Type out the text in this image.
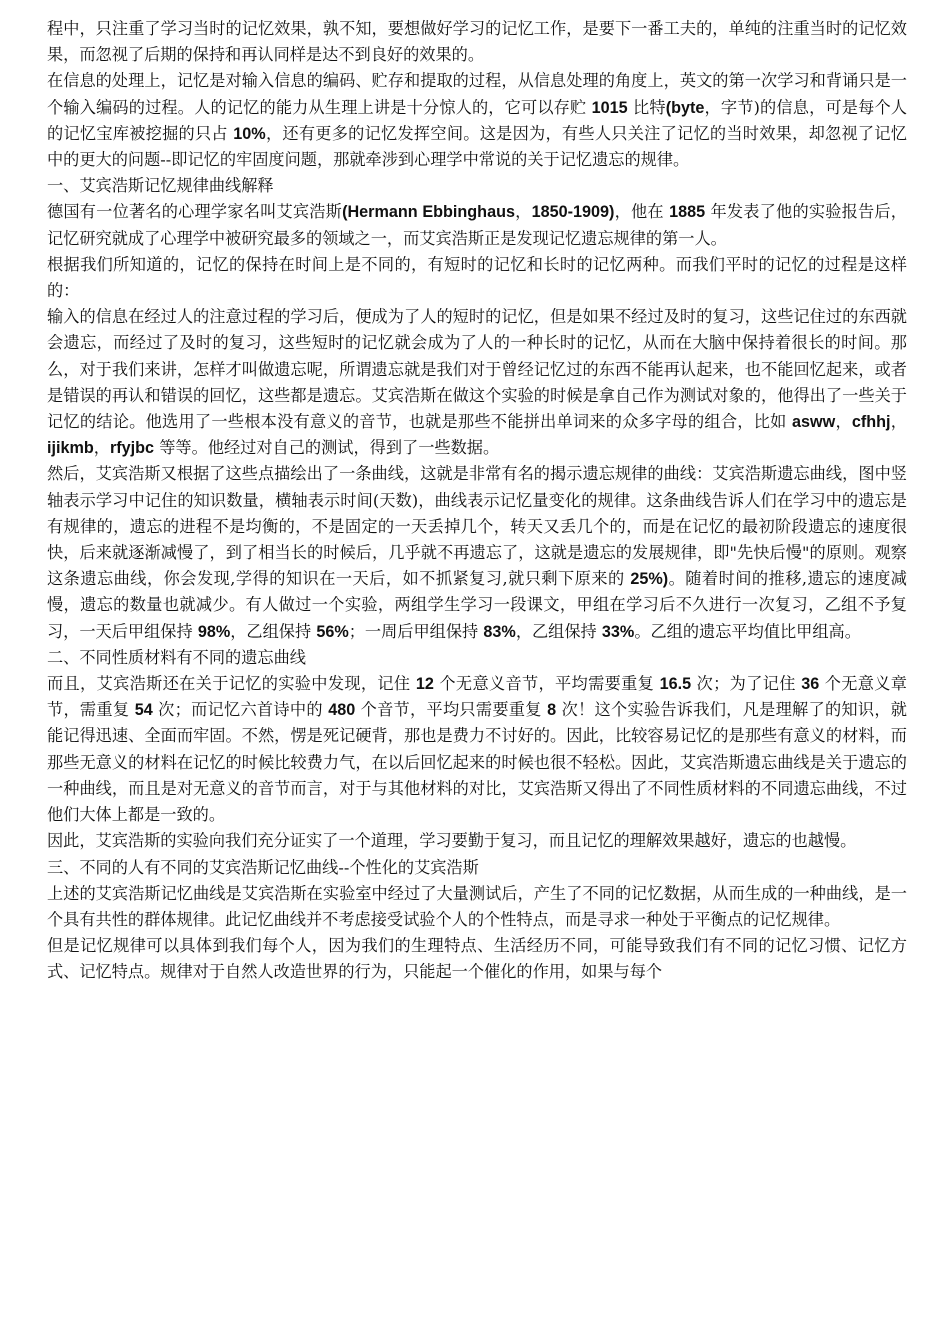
程中，只注重了学习当时的记忆效果，孰不知，要想做好学习的记忆工作，是要下一番工夫的，单纯的注重当时的记忆效果，而忽视了后期的保持和再认同样是达不到良好的效果的。

在信息的处理上，记忆是对输入信息的编码、贮存和提取的过程，从信息处理的角度上，英文的第一次学习和背诵只是一个输入编码的过程。人的记忆的能力从生理上讲是十分惊人的，它可以存贮 1015 比特(byte，字节)的信息，可是每个人的记忆宝库被挖掘的只占 10%，还有更多的记忆发挥空间。这是因为，有些人只关注了记忆的当时效果，却忽视了记忆中的更大的问题--即记忆的牢固度问题，那就牵涉到心理学中常说的关于记忆遗忘的规律。

一、艾宾浩斯记忆规律曲线解释

德国有一位著名的心理学家名叫艾宾浩斯(Hermann Ebbinghaus，1850-1909)，他在 1885 年发表了他的实验报告后，记忆研究就成了心理学中被研究最多的领域之一，而艾宾浩斯正是发现记忆遗忘规律的第一人。

根据我们所知道的，记忆的保持在时间上是不同的，有短时的记忆和长时的记忆两种。而我们平时的记忆的过程是这样的：

输入的信息在经过人的注意过程的学习后，便成为了人的短时的记忆，但是如果不经过及时的复习，这些记住过的东西就会遗忘，而经过了及时的复习，这些短时的记忆就会成为了人的一种长时的记忆，从而在大脑中保持着很长的时间。那么，对于我们来讲，怎样才叫做遗忘呢，所谓遗忘就是我们对于曾经记忆过的东西不能再认起来，也不能回忆起来，或者是错误的再认和错误的回忆，这些都是遗忘。艾宾浩斯在做这个实验的时候是拿自己作为测试对象的，他得出了一些关于记忆的结论。他选用了一些根本没有意义的音节，也就是那些不能拼出单词来的众多字母的组合，比如 asww，cfhhj，ijikmb，rfyjbc 等等。他经过对自己的测试，得到了一些数据。

然后，艾宾浩斯又根据了这些点描绘出了一条曲线，这就是非常有名的揭示遗忘规律的曲线：艾宾浩斯遗忘曲线，图中竖轴表示学习中记住的知识数量，横轴表示时间(天数)，曲线表示记忆量变化的规律。这条曲线告诉人们在学习中的遗忘是有规律的，遗忘的进程不是均衡的，不是固定的一天丢掉几个，转天又丢几个的，而是在记忆的最初阶段遗忘的速度很快，后来就逐渐减慢了，到了相当长的时候后，几乎就不再遗忘了，这就是遗忘的发展规律，即"先快后慢"的原则。观察这条遗忘曲线，你会发现,学得的知识在一天后，如不抓紧复习,就只剩下原来的 25%)。随着时间的推移,遗忘的速度减慢，遗忘的数量也就减少。有人做过一个实验，两组学生学习一段课文，甲组在学习后不久进行一次复习，乙组不予复习，一天后甲组保持 98%，乙组保持 56%；一周后甲组保持 83%，乙组保持 33%。乙组的遗忘平均值比甲组高。

二、不同性质材料有不同的遗忘曲线

而且，艾宾浩斯还在关于记忆的实验中发现，记住 12 个无意义音节，平均需要重复 16.5 次；为了记住 36 个无意义章节，需重复 54 次；而记忆六首诗中的 480 个音节，平均只需要重复 8 次！这个实验告诉我们，凡是理解了的知识，就能记得迅速、全面而牢固。不然，愣是死记硬背，那也是费力不讨好的。因此，比较容易记忆的是那些有意义的材料，而那些无意义的材料在记忆的时候比较费力气，在以后回忆起来的时候也很不轻松。因此，艾宾浩斯遗忘曲线是关于遗忘的一种曲线，而且是对无意义的音节而言，对于与其他材料的对比，艾宾浩斯又得出了不同性质材料的不同遗忘曲线，不过他们大体上都是一致的。

因此，艾宾浩斯的实验向我们充分证实了一个道理，学习要勤于复习，而且记忆的理解效果越好，遗忘的也越慢。

三、不同的人有不同的艾宾浩斯记忆曲线--个性化的艾宾浩斯

上述的艾宾浩斯记忆曲线是艾宾浩斯在实验室中经过了大量测试后，产生了不同的记忆数据，从而生成的一种曲线，是一个具有共性的群体规律。此记忆曲线并不考虑接受试验个人的个性特点，而是寻求一种处于平衡点的记忆规律。

但是记忆规律可以具体到我们每个人，因为我们的生理特点、生活经历不同，可能导致我们有不同的记忆习惯、记忆方式、记忆特点。规律对于自然人改造世界的行为，只能起一个催化的作用，如果与每个
